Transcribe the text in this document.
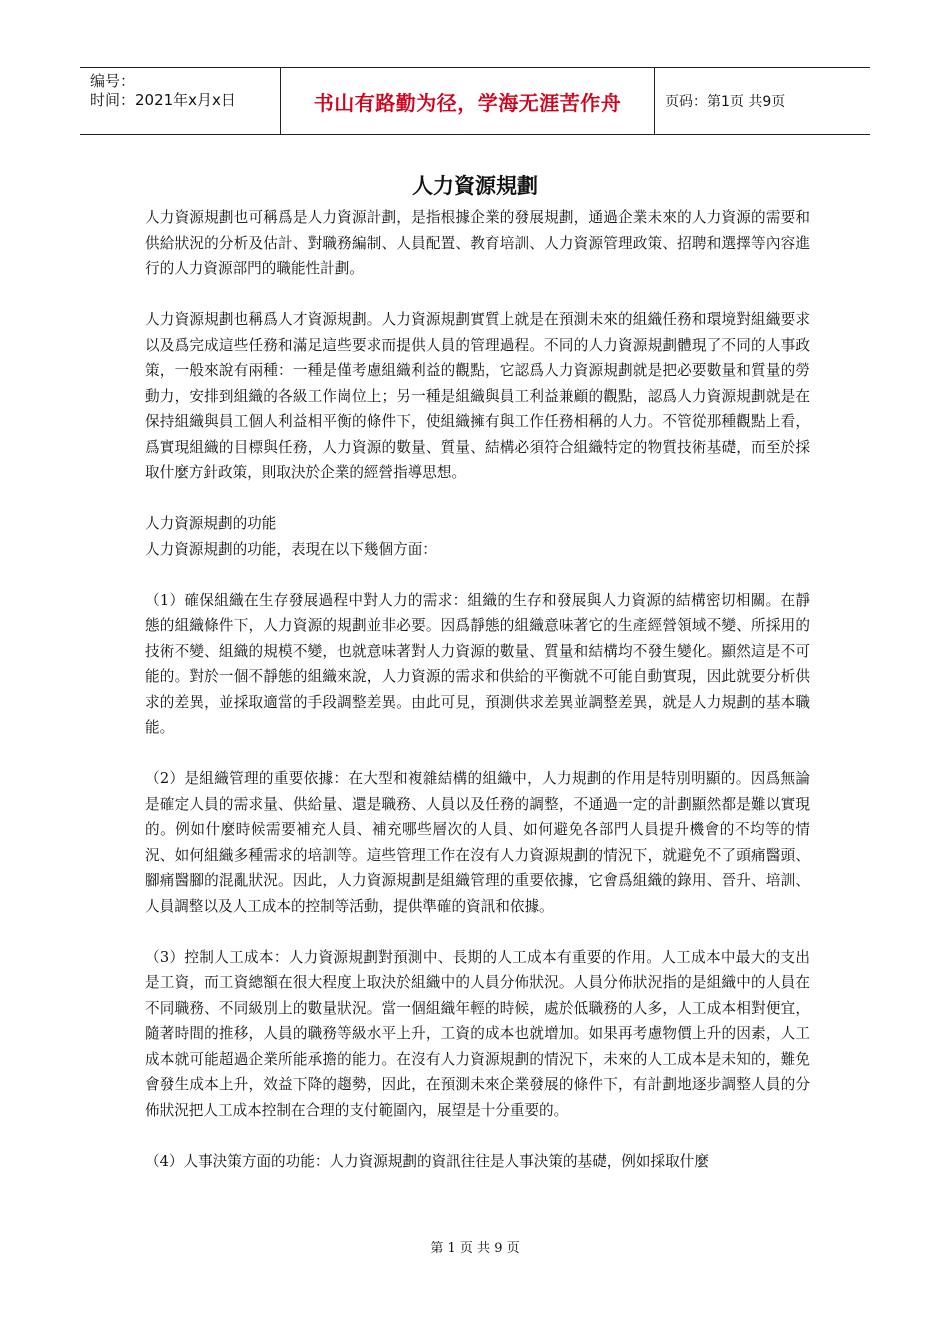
编号：
时间：2021年x月x日	书山有路勤为径，学海无涯苦作舟	页码：第1页 共9页
人力資源規劃

人力資源規劃也可稱爲是人力資源計劃，是指根據企業的發展規劃，通過企業未來的人力資源的需要和供給狀況的分析及估計、對職務編制、人員配置、教育培訓、人力資源管理政策、招聘和選擇等內容進行的人力資源部門的職能性計劃。

人力資源規劃也稱爲人才資源規劃。人力資源規劃實質上就是在預測未來的組織任務和環境對組織要求以及爲完成這些任務和滿足這些要求而提供人員的管理過程。不同的人力資源規劃體現了不同的人事政策，一般來說有兩種：一種是僅考慮組織利益的觀點，它認爲人力資源規劃就是把必要數量和質量的勞動力，安排到組織的各級工作崗位上；另一種是組織與員工利益兼顧的觀點，認爲人力資源規劃就是在保持組織與員工個人利益相平衡的條件下，使組織擁有與工作任務相稱的人力。不管從那種觀點上看，爲實現組織的目標與任務，人力資源的數量、質量、結構必須符合組織特定的物質技術基礎，而至於採取什麼方針政策，則取決於企業的經營指導思想。

人力資源規劃的功能

人力資源規劃的功能，表現在以下幾個方面：

（1）確保組織在生存發展過程中對人力的需求：組織的生存和發展與人力資源的結構密切相關。在靜態的組織條件下，人力資源的規劃並非必要。因爲靜態的組織意味著它的生產經營領域不變、所採用的技術不變、組織的規模不變，也就意味著對人力資源的數量、質量和結構均不發生變化。顯然這是不可能的。對於一個不靜態的組織來說，人力資源的需求和供給的平衡就不可能自動實現，因此就要分析供求的差異，並採取適當的手段調整差異。由此可見，預測供求差異並調整差異，就是人力規劃的基本職能。

（2）是組織管理的重要依據：在大型和複雜結構的組織中，人力規劃的作用是特別明顯的。因爲無論是確定人員的需求量、供給量、還是職務、人員以及任務的調整，不通過一定的計劃顯然都是難以實現的。例如什麼時候需要補充人員、補充哪些層次的人員、如何避免各部門人員提升機會的不均等的情況、如何組織多種需求的培訓等。這些管理工作在沒有人力資源規劃的情況下，就避免不了頭痛醫頭、腳痛醫腳的混亂狀況。因此，人力資源規劃是組織管理的重要依據，它會爲組織的錄用、晉升、培訓、人員調整以及人工成本的控制等活動，提供準確的資訊和依據。

（3）控制人工成本：人力資源規劃對預測中、長期的人工成本有重要的作用。人工成本中最大的支出是工資，而工資總額在很大程度上取決於組織中的人員分佈狀況。人員分佈狀況指的是組織中的人員在不同職務、不同級別上的數量狀況。當一個組織年輕的時候，處於低職務的人多，人工成本相對便宜，隨著時間的推移，人員的職務等級水平上升，工資的成本也就增加。如果再考慮物價上升的因素，人工成本就可能超過企業所能承擔的能力。在沒有人力資源規劃的情況下，未來的人工成本是未知的，難免會發生成本上升，效益下降的趨勢，因此，在預測未來企業發展的條件下，有計劃地逐步調整人員的分佈狀況把人工成本控制在合理的支付範圍內，展望是十分重要的。

（4）人事決策方面的功能：人力資源規劃的資訊往往是人事決策的基礎，例如採取什麼

第 1 页 共 9 页
